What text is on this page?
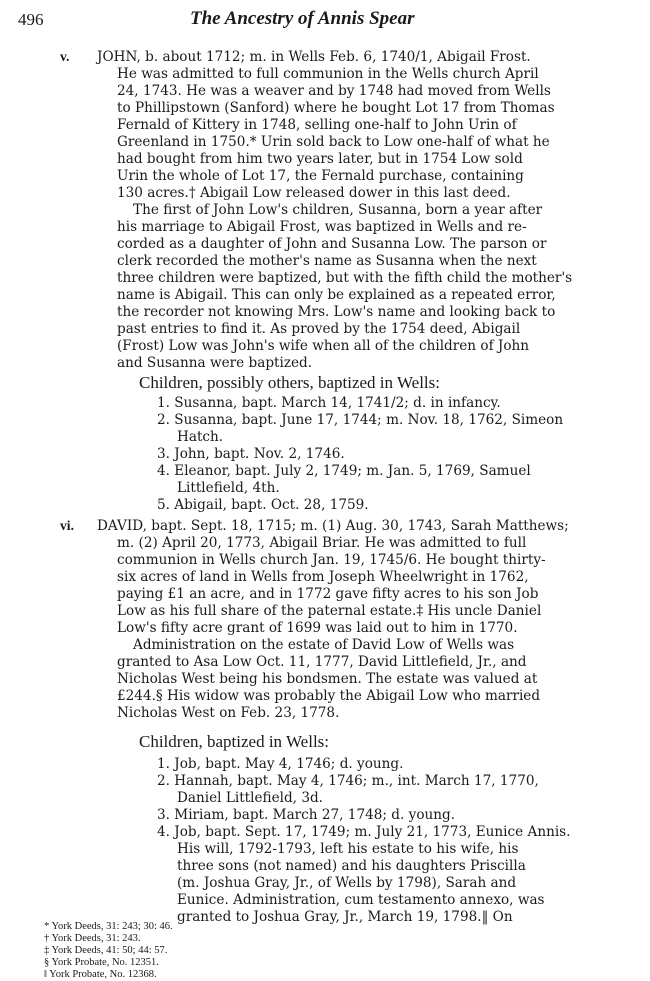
496	The Ancestry of Annis Spear
v. JOHN, b. about 1712; m. in Wells Feb. 6, 1740/1, Abigail Frost.
He was admitted to full communion in the Wells church April
24, 1743. He was a weaver and by 1748 had moved from Wells
to Phillipstown (Sanford) where he bought Lot 17 from Thomas
Fernald of Kittery in 1748, selling one-half to John Urin of
Greenland in 1750.* Urin sold back to Low one-half of what he
had bought from him two years later, but in 1754 Low sold
Urin the whole of Lot 17, the Fernald purchase, containing
130 acres.† Abigail Low released dower in this last deed.
The first of John Low's children, Susanna, born a year after
his marriage to Abigail Frost, was baptized in Wells and re-
corded as a daughter of John and Susanna Low. The parson or
clerk recorded the mother's name as Susanna when the next
three children were baptized, but with the fifth child the mother's
name is Abigail. This can only be explained as a repeated error,
the recorder not knowing Mrs. Low's name and looking back to
past entries to find it. As proved by the 1754 deed, Abigail
(Frost) Low was John's wife when all of the children of John
and Susanna were baptized.
Children, possibly others, baptized in Wells:
1. Susanna, bapt. March 14, 1741/2; d. in infancy.
2. Susanna, bapt. June 17, 1744; m. Nov. 18, 1762, Simeon
Hatch.
3. John, bapt. Nov. 2, 1746.
4. Eleanor, bapt. July 2, 1749; m. Jan. 5, 1769, Samuel
Littlefield, 4th.
5. Abigail, bapt. Oct. 28, 1759.
vi. DAVID, bapt. Sept. 18, 1715; m. (1) Aug. 30, 1743, Sarah Matthews;
m. (2) April 20, 1773, Abigail Briar. He was admitted to full
communion in Wells church Jan. 19, 1745/6. He bought thirty-
six acres of land in Wells from Joseph Wheelwright in 1762,
paying £1 an acre, and in 1772 gave fifty acres to his son Job
Low as his full share of the paternal estate.‡ His uncle Daniel
Low's fifty acre grant of 1699 was laid out to him in 1770.
Administration on the estate of David Low of Wells was
granted to Asa Low Oct. 11, 1777, David Littlefield, Jr., and
Nicholas West being his bondsmen. The estate was valued at
£244.§ His widow was probably the Abigail Low who married
Nicholas West on Feb. 23, 1778.
Children, baptized in Wells:
1. Job, bapt. May 4, 1746; d. young.
2. Hannah, bapt. May 4, 1746; m., int. March 17, 1770,
Daniel Littlefield, 3d.
3. Miriam, bapt. March 27, 1748; d. young.
4. Job, bapt. Sept. 17, 1749; m. July 21, 1773, Eunice Annis.
His will, 1792-1793, left his estate to his wife, his
three sons (not named) and his daughters Priscilla
(m. Joshua Gray, Jr., of Wells by 1798), Sarah and
Eunice. Administration, cum testamento annexo, was
granted to Joshua Gray, Jr., March 19, 1798.‖ On
* York Deeds, 31: 243; 30: 46.
† York Deeds, 31: 243.
‡ York Deeds, 41: 50; 44: 57.
§ York Probate, No. 12351.
‖ York Probate, No. 12368.
